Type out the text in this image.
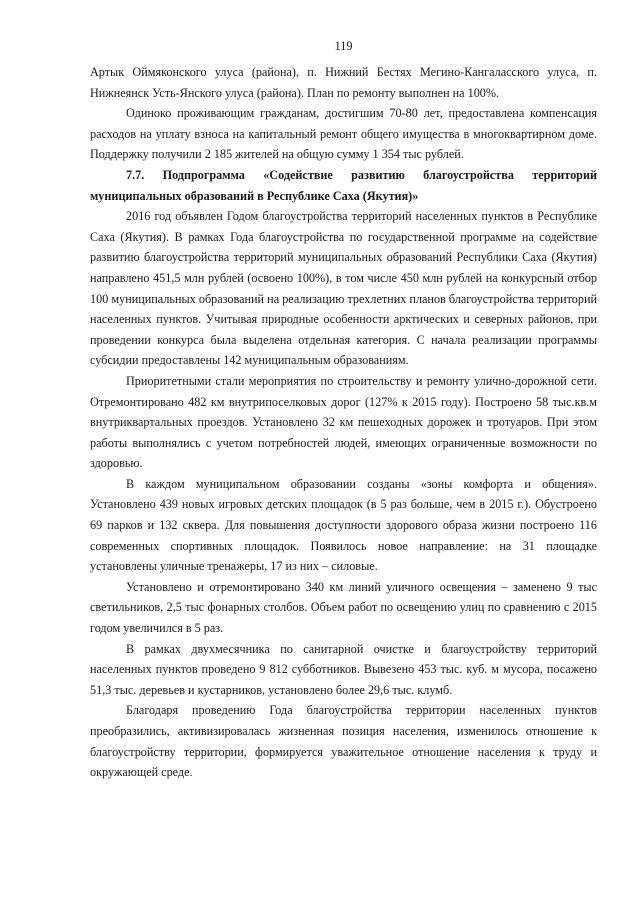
119

Артык Оймяконского улуса (района), п. Нижний Бестях Мегино-Кангаласского улуса, п. Нижнеянск Усть-Янского улуса (района). План по ремонту выполнен на 100%.

Одиноко проживающим гражданам, достигшим 70-80 лет, предоставлена компенсация расходов на уплату взноса на капитальный ремонт общего имущества в многоквартирном доме. Поддержку получили 2 185 жителей на общую сумму 1 354 тыс рублей.

7.7. Подпрограмма «Содействие развитию благоустройства территорий муниципальных образований в Республике Саха (Якутия)»

2016 год объявлен Годом благоустройства территорий населенных пунктов в Республике Саха (Якутия). В рамках Года благоустройства по государственной программе на содействие развитию благоустройства территорий муниципальных образований Республики Саха (Якутия) направлено 451,5 млн рублей (освоено 100%), в том числе 450 млн рублей на конкурсный отбор 100 муниципальных образований на реализацию трехлетних планов благоустройства территорий населенных пунктов. Учитывая природные особенности арктических и северных районов, при проведении конкурса была выделена отдельная категория. С начала реализации программы субсидии предоставлены 142 муниципальным образованиям.

Приоритетными стали мероприятия по строительству и ремонту улично-дорожной сети. Отремонтировано 482 км внутрипоселковых дорог (127% к 2015 году). Построено 58 тыс.кв.м внутриквартальных проездов. Установлено 32 км пешеходных дорожек и тротуаров. При этом работы выполнялись с учетом потребностей людей, имеющих ограниченные возможности по здоровью.

В каждом муниципальном образовании созданы «зоны комфорта и общения». Установлено 439 новых игровых детских площадок (в 5 раз больше, чем в 2015 г.). Обустроено 69 парков и 132 сквера. Для повышения доступности здорового образа жизни построено 116 современных спортивных площадок. Появилось новое направление: на 31 площадке установлены уличные тренажеры, 17 из них – силовые.

Установлено и отремонтировано 340 км линий уличного освещения – заменено 9 тыс светильников, 2,5 тыс фонарных столбов. Объем работ по освещению улиц по сравнению с 2015 годом увеличился в 5 раз.

В рамках двухмесячника по санитарной очистке и благоустройству территорий населенных пунктов проведено 9 812 субботников. Вывезено 453 тыс. куб. м мусора, посажено 51,3 тыс. деревьев и кустарников, установлено более 29,6 тыс. клумб.

Благодаря проведению Года благоустройства территории населенных пунктов преобразились, активизировалась жизненная позиция населения, изменилось отношение к благоустройству территории, формируется уважительное отношение населения к труду и окружающей среде.
